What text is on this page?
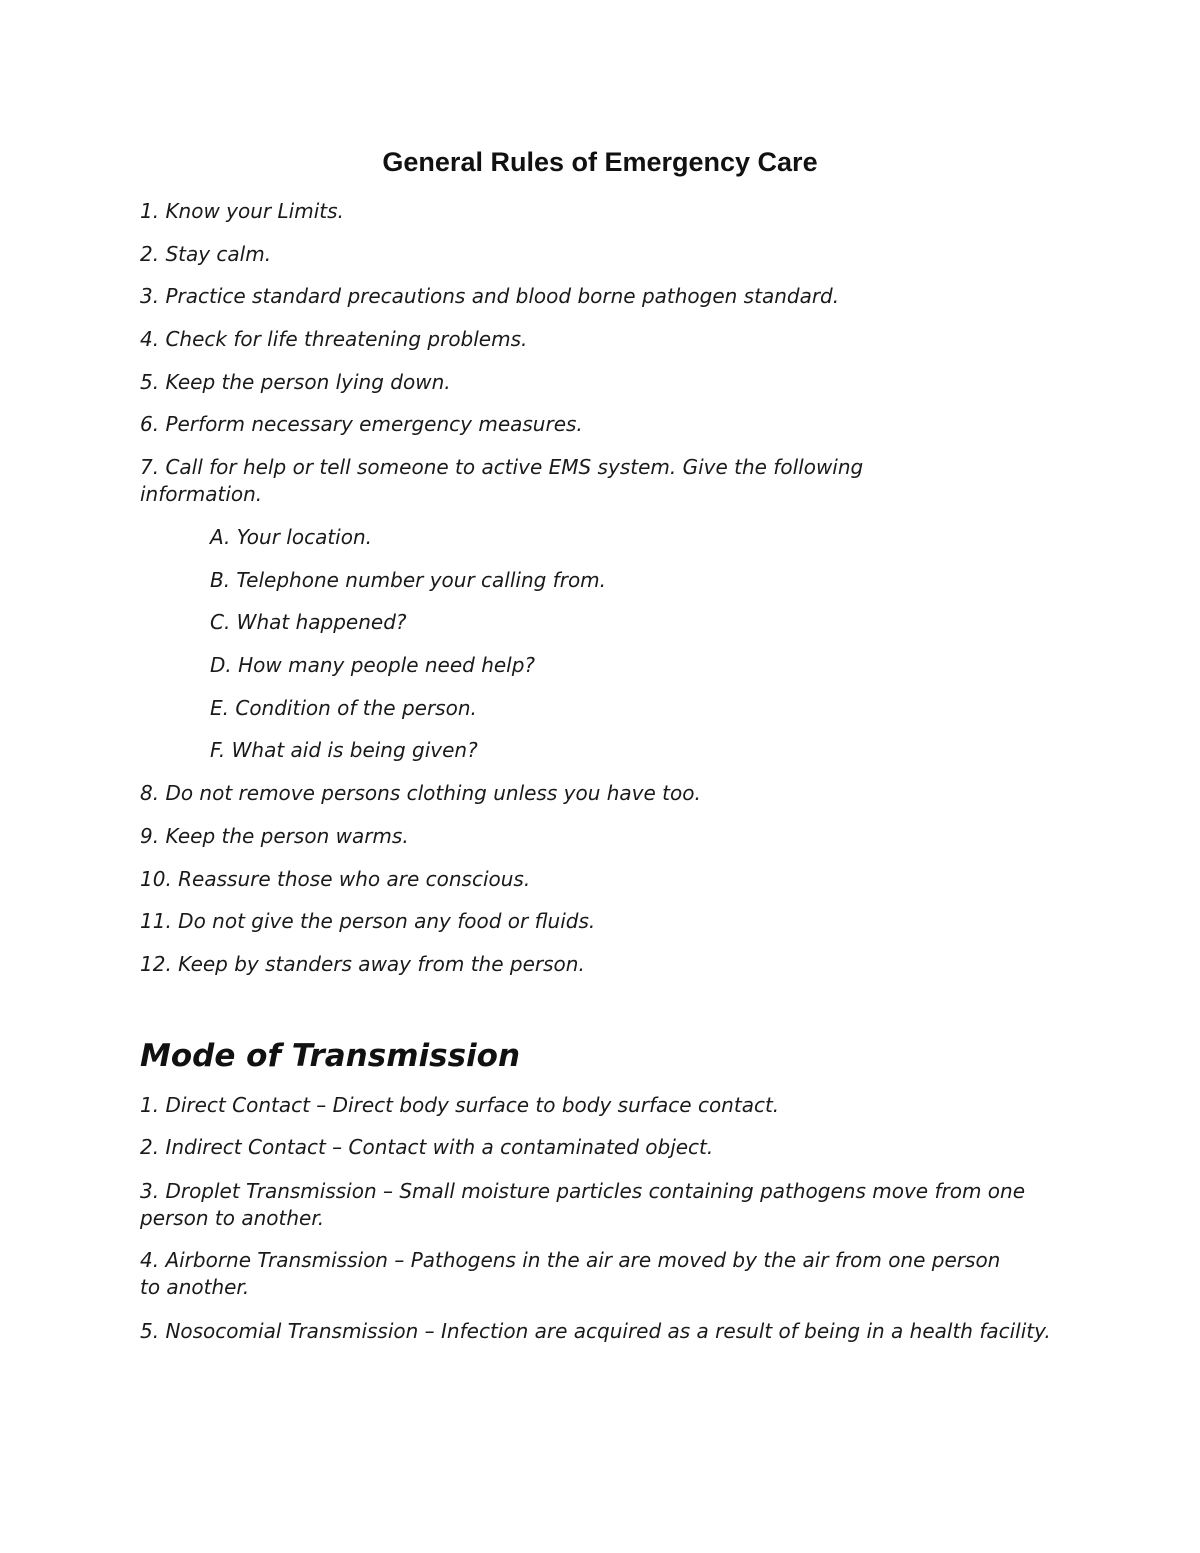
General Rules of Emergency Care
1. Know your Limits.
2. Stay calm.
3. Practice standard precautions and blood borne pathogen standard.
4. Check for life threatening problems.
5. Keep the person lying down.
6. Perform necessary emergency measures.
7. Call for help or tell someone to active EMS system. Give the following information.
A. Your location.
B. Telephone number your calling from.
C. What happened?
D. How many people need help?
E. Condition of the person.
F. What aid is being given?
8. Do not remove persons clothing unless you have too.
9. Keep the person warms.
10. Reassure those who are conscious.
11. Do not give the person any food or fluids.
12. Keep by standers away from the person.
Mode of Transmission
1. Direct Contact – Direct body surface to body surface contact.
2. Indirect Contact – Contact with a contaminated object.
3. Droplet Transmission – Small moisture particles containing pathogens move from one person to another.
4. Airborne Transmission – Pathogens in the air are moved by the air from one person to another.
5. Nosocomial Transmission – Infection are acquired as a result of being in a health facility.
